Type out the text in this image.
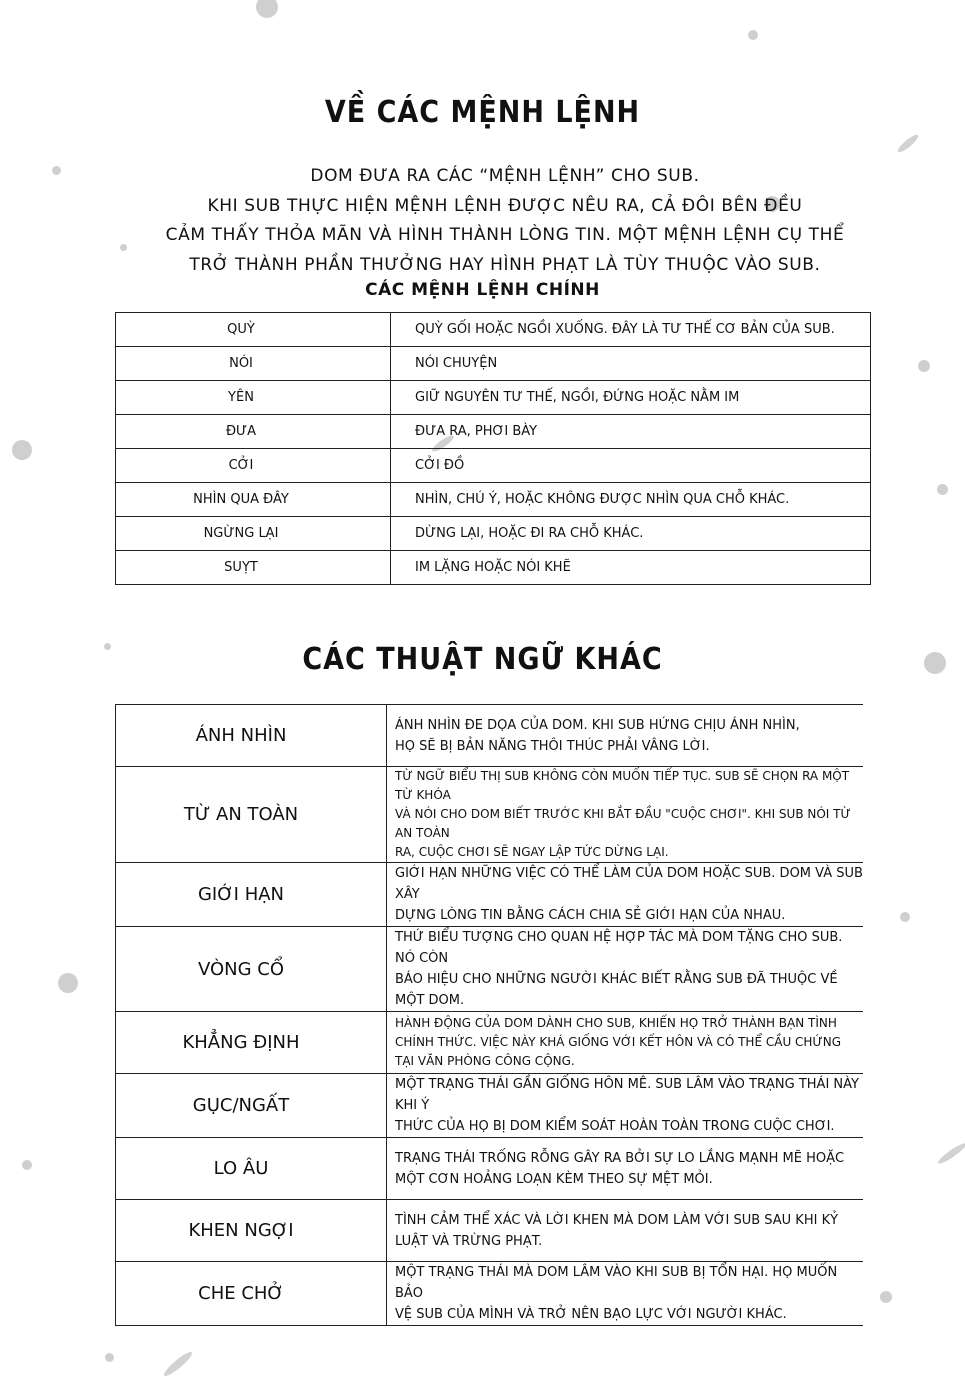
VỀ CÁC MỆNH LỆNH
DOM ĐƯA RA CÁC “MỆNH LỆNH” CHO SUB.
KHI SUB THỰC HIỆN MỆNH LỆNH ĐƯỢC NÊU RA, CẢ ĐÔI BÊN ĐỀU
CẢM THẤY THỎA MÃN VÀ HÌNH THÀNH LÒNG TIN. MỘT MỆNH LỆNH CỤ THỂ
TRỞ THÀNH PHẦN THƯỞNG HAY HÌNH PHẠT LÀ TÙY THUỘC VÀO SUB.
CÁC MỆNH LỆNH CHÍNH
QUỲ	QUỲ GỐI HOẶC NGỒI XUỐNG. ĐÂY LÀ TƯ THẾ CƠ BẢN CỦA SUB.
NÓI	NÓI CHUYỆN
YÊN	GIỮ NGUYÊN TƯ THẾ, NGỒI, ĐỨNG HOẶC NẰM IM
ĐƯA	ĐƯA RA, PHƠI BÀY
CỞI	CỞI ĐỒ
NHÌN QUA ĐÂY	NHÌN, CHÚ Ý, HOẶC KHÔNG ĐƯỢC NHÌN QUA CHỖ KHÁC.
NGỪNG LẠI	DỪNG LẠI, HOẶC ĐI RA CHỖ KHÁC.
SUỴT	IM LẶNG HOẶC NÓI KHẼ
CÁC THUẬT NGỮ KHÁC
ÁNH NHÌN	ÁNH NHÌN ĐE DỌA CỦA DOM. KHI SUB HỨNG CHỊU ÁNH NHÌN,
HỌ SẼ BỊ BẢN NĂNG THÔI THÚC PHẢI VÂNG LỜI.

TỪ AN TOÀN	TỪ NGỮ BIỂU THỊ SUB KHÔNG CÒN MUỐN TIẾP TỤC. SUB SẼ CHỌN RA MỘT TỪ KHÓA
VÀ NÓI CHO DOM BIẾT TRƯỚC KHI BẮT ĐẦU "CUỘC CHƠI". KHI SUB NÓI TỪ AN TOÀN
RA, CUỘC CHƠI SẼ NGAY LẬP TỨC DỪNG LẠI.

GIỚI HẠN	GIỚI HẠN NHỮNG VIỆC CÓ THỂ LÀM CỦA DOM HOẶC SUB. DOM VÀ SUB XÂY
DỰNG LÒNG TIN BẰNG CÁCH CHIA SẺ GIỚI HẠN CỦA NHAU.

VÒNG CỔ	THỨ BIỂU TƯỢNG CHO QUAN HỆ HỢP TÁC MÀ DOM TẶNG CHO SUB. NÓ CÒN
BÁO HIỆU CHO NHỮNG NGƯỜI KHÁC BIẾT RẰNG SUB ĐÃ THUỘC VỀ MỘT DOM.

KHẲNG ĐỊNH	HÀNH ĐỘNG CỦA DOM DÀNH CHO SUB, KHIẾN HỌ TRỞ THÀNH BẠN TÌNH
CHÍNH THỨC. VIỆC NÀY KHÁ GIỐNG VỚI KẾT HÔN VÀ CÓ THỂ CẦU CHỨNG
TẠI VĂN PHÒNG CÔNG CỘNG.

GỤC/NGẤT	MỘT TRẠNG THÁI GẦN GIỐNG HÔN MÊ. SUB LÂM VÀO TRẠNG THÁI NÀY KHI Ý
THỨC CỦA HỌ BỊ DOM KIỂM SOÁT HOÀN TOÀN TRONG CUỘC CHƠI.

LO ÂU	TRẠNG THÁI TRỐNG RỖNG GÂY RA BỞI SỰ LO LẮNG MẠNH MẼ HOẶC
MỘT CƠN HOẢNG LOẠN KÈM THEO SỰ MỆT MỎI.

KHEN NGỢI	TÌNH CẢM THỂ XÁC VÀ LỜI KHEN MÀ DOM LÀM VỚI SUB SAU KHI KỶ
LUẬT VÀ TRỪNG PHẠT.

CHE CHỞ	MỘT TRẠNG THÁI MÀ DOM LÂM VÀO KHI SUB BỊ TỔN HẠI. HỌ MUỐN BẢO
VỆ SUB CỦA MÌNH VÀ TRỞ NÊN BẠO LỰC VỚI NGƯỜI KHÁC.
